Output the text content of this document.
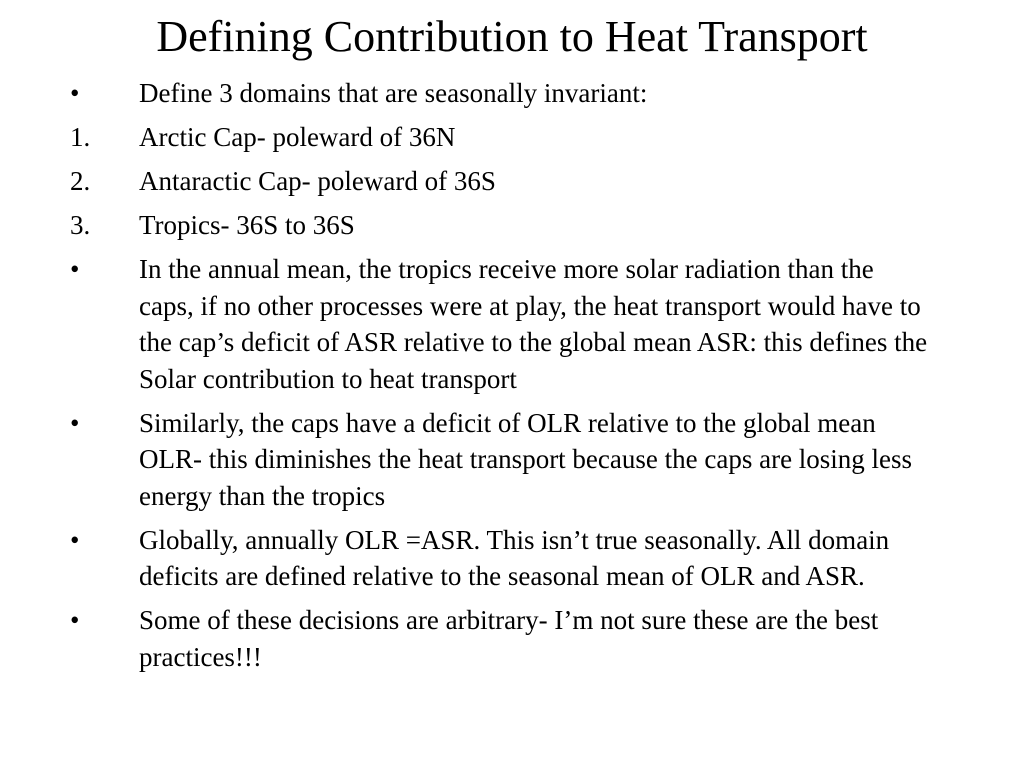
Defining Contribution to Heat Transport
•	Define 3 domains that are seasonally invariant:
1.	Arctic Cap- poleward of 36N
2.	Antaractic Cap- poleward of 36S
3.	Tropics- 36S to 36S
•	In the annual mean, the tropics receive more solar radiation than the caps, if no other processes were at play, the heat transport would have to the cap’s deficit of ASR relative to the global mean ASR: this defines the Solar contribution to heat transport
•	Similarly, the caps have a deficit of OLR relative to the global mean OLR- this diminishes the heat transport because the caps are losing less energy than the tropics
•	Globally, annually OLR =ASR. This isn’t true seasonally. All domain deficits are defined relative to the seasonal mean of OLR and ASR.
•	Some of these decisions are arbitrary- I’m not sure these are the best practices!!!
